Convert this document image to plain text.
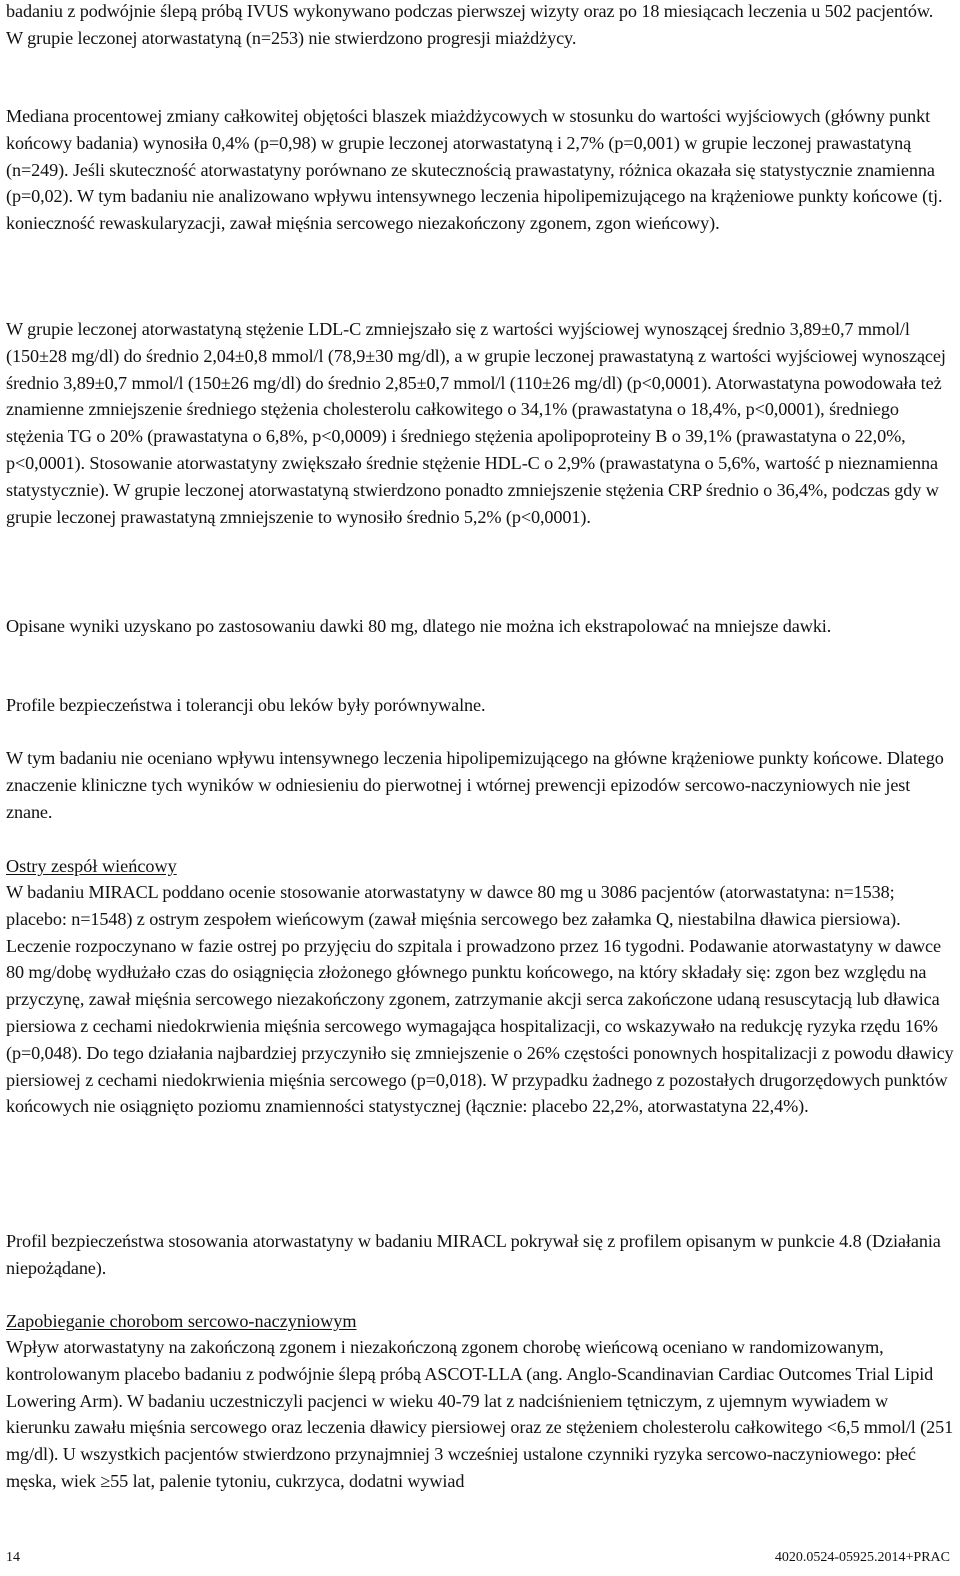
badaniu z podwójnie ślepą próbą IVUS wykonywano podczas pierwszej wizyty oraz po 18 miesiącach leczenia u 502 pacjentów. W grupie leczonej atorwastatyną (n=253) nie stwierdzono progresji miażdżycy.

Mediana procentowej zmiany całkowitej objętości blaszek miażdżycowych w stosunku do wartości wyjściowych (główny punkt końcowy badania) wynosiła 0,4% (p=0,98) w grupie leczonej atorwastatyną i 2,7% (p=0,001) w grupie leczonej prawastatyną (n=249). Jeśli skuteczność atorwastatyny porównano ze skutecznością prawastatyny, różnica okazała się statystycznie znamienna (p=0,02). W tym badaniu nie analizowano wpływu intensywnego leczenia hipolipemizującego na krążeniowe punkty końcowe (tj. konieczność rewaskularyzacji, zawał mięśnia sercowego niezakończony zgonem, zgon wieńcowy).

W grupie leczonej atorwastatyną stężenie LDL-C zmniejszało się z wartości wyjściowej wynoszącej średnio 3,89±0,7 mmol/l (150±28 mg/dl) do średnio 2,04±0,8 mmol/l (78,9±30 mg/dl), a w grupie leczonej prawastatyną z wartości wyjściowej wynoszącej średnio 3,89±0,7 mmol/l (150±26 mg/dl) do średnio 2,85±0,7 mmol/l (110±26 mg/dl) (p<0,0001). Atorwastatyna powodowała też znamienne zmniejszenie średniego stężenia cholesterolu całkowitego o 34,1% (prawastatyna o 18,4%, p<0,0001), średniego stężenia TG o 20% (prawastatyna o 6,8%, p<0,0009) i średniego stężenia apolipoproteiny B o 39,1% (prawastatyna o 22,0%, p<0,0001). Stosowanie atorwastatyny zwiększało średnie stężenie HDL-C o 2,9% (prawastatyna o 5,6%, wartość p nieznamienna statystycznie). W grupie leczonej atorwastatyną stwierdzono ponadto zmniejszenie stężenia CRP średnio o 36,4%, podczas gdy w grupie leczonej prawastatyną zmniejszenie to wynosiło średnio 5,2% (p<0,0001).

Opisane wyniki uzyskano po zastosowaniu dawki 80 mg, dlatego nie można ich ekstrapolować na mniejsze dawki.

Profile bezpieczeństwa i tolerancji obu leków były porównywalne.

W tym badaniu nie oceniano wpływu intensywnego leczenia hipolipemizującego na główne krążeniowe punkty końcowe. Dlatego znaczenie kliniczne tych wyników w odniesieniu do pierwotnej i wtórnej prewencji epizodów sercowo-naczyniowych nie jest znane.

Ostry zespół wieńcowy

W badaniu MIRACL poddano ocenie stosowanie atorwastatyny w dawce 80 mg u 3086 pacjentów (atorwastatyna: n=1538; placebo: n=1548) z ostrym zespołem wieńcowym (zawał mięśnia sercowego bez załamka Q, niestabilna dławica piersiowa). Leczenie rozpoczynano w fazie ostrej po przyjęciu do szpitala i prowadzono przez 16 tygodni. Podawanie atorwastatyny w dawce 80 mg/dobę wydłużało czas do osiągnięcia złożonego głównego punktu końcowego, na który składały się: zgon bez względu na przyczynę, zawał mięśnia sercowego niezakończony zgonem, zatrzymanie akcji serca zakończone udaną resuscytacją lub dławica piersiowa z cechami niedokrwienia mięśnia sercowego wymagająca hospitalizacji, co wskazywało na redukcję ryzyka rzędu 16% (p=0,048). Do tego działania najbardziej przyczyniło się zmniejszenie o 26% częstości ponownych hospitalizacji z powodu dławicy piersiowej z cechami niedokrwienia mięśnia sercowego (p=0,018). W przypadku żadnego z pozostałych drugorzędowych punktów końcowych nie osiągnięto poziomu znamienności statystycznej (łącznie: placebo 22,2%, atorwastatyna 22,4%).

Profil bezpieczeństwa stosowania atorwastatyny w badaniu MIRACL pokrywał się z profilem opisanym w punkcie 4.8 (Działania niepożądane).

Zapobieganie chorobom sercowo-naczyniowym

Wpływ atorwastatyny na zakończoną zgonem i niezakończoną zgonem chorobę wieńcową oceniano w randomizowanym, kontrolowanym placebo badaniu z podwójnie ślepą próbą ASCOT-LLA (ang. Anglo-Scandinavian Cardiac Outcomes Trial Lipid Lowering Arm). W badaniu uczestniczyli pacjenci w wieku 40-79 lat z nadciśnieniem tętniczym, z ujemnym wywiadem w kierunku zawału mięśnia sercowego oraz leczenia dławicy piersiowej oraz ze stężeniem cholesterolu całkowitego <6,5 mmol/l (251 mg/dl). U wszystkich pacjentów stwierdzono przynajmniej 3 wcześniej ustalone czynniki ryzyka sercowo-naczyniowego: płeć męska, wiek ≥55 lat, palenie tytoniu, cukrzyca, dodatni wywiad

14	4020.0524-05925.2014+PRAC
